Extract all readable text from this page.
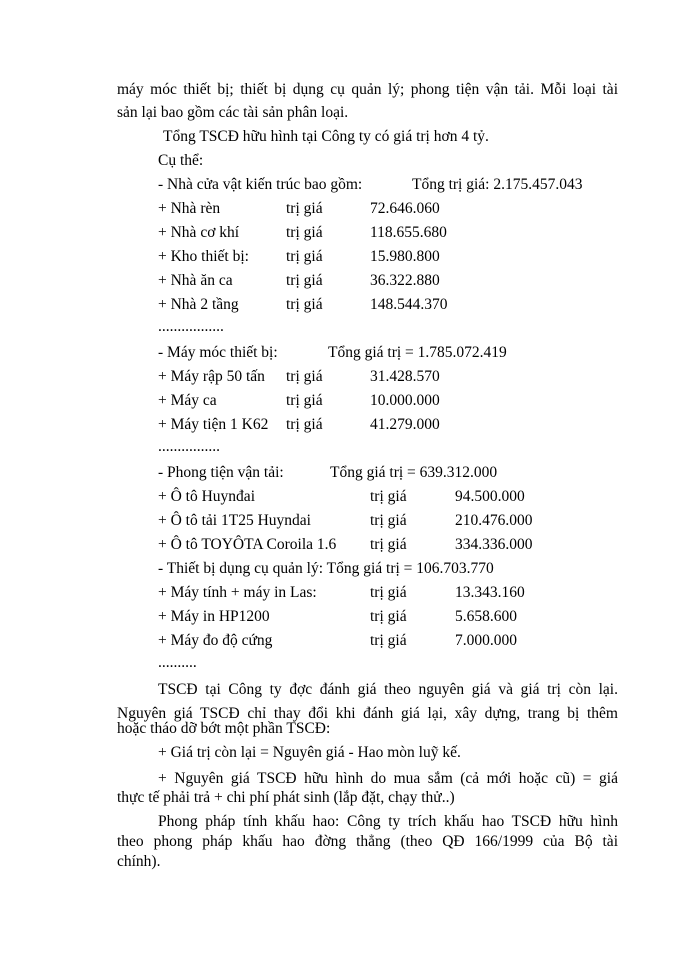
máy móc thiết bị; thiết bị dụng cụ quản lý; phong tiện vận tải. Mỗi loại tài
sản lại bao gồm các tài sản phân loại.
Tổng TSCĐ hữu hình tại Công ty có giá trị hơn 4 tỷ.
Cụ thể:
- Nhà cửa vật kiến trúc bao gồm:	Tổng trị giá: 2.175.457.043
+ Nhà rèn	trị giá	72.646.060
+ Nhà cơ khí	trị giá	118.655.680
+ Kho thiết bị: trị giá	15.980.800
+ Nhà ăn ca	trị giá	36.322.880
+ Nhà 2 tầng	trị giá	148.544.370
.................
- Máy móc thiết bị:	Tổng giá trị = 1.785.072.419
+ Máy rập 50 tấn trị giá	31.428.570
+ Máy ca	trị giá	10.000.000
+ Máy tiện 1 K62 trị giá	41.279.000
................
- Phong tiện vận tải:	Tổng giá trị = 639.312.000
+ Ô tô Huynđai	trị giá	94.500.000
+ Ô tô tải 1T25 Huyndai	trị giá	210.476.000
+ Ô tô TOYÔTA Coroila 1.6 trị giá	334.336.000
- Thiết bị dụng cụ quản lý: Tổng giá trị = 106.703.770
+ Máy tính + máy in Las:	trị giá	13.343.160
+ Máy in HP1200	trị giá	5.658.600
+ Máy đo độ cứng	trị giá	7.000.000
..........
TSCĐ tại Công ty đợc đánh giá theo nguyên giá và giá trị còn lại.
Nguyên giá TSCĐ chỉ thay đổi khi đánh giá lại, xây dựng, trang bị thêm
hoặc tháo dỡ bớt một phần TSCĐ:
+ Giá trị còn lại = Nguyên giá - Hao mòn luỹ kế.
+ Nguyên giá TSCĐ hữu hình do mua sắm (cả mới hoặc cũ) = giá
thực tế phải trả + chi phí phát sinh (lắp đặt, chạy thử..)
Phong pháp tính khấu hao: Công ty trích khấu hao TSCĐ hữu hình
theo phong pháp khấu hao đờng thẳng (theo QĐ 166/1999 của Bộ tài
chính).
